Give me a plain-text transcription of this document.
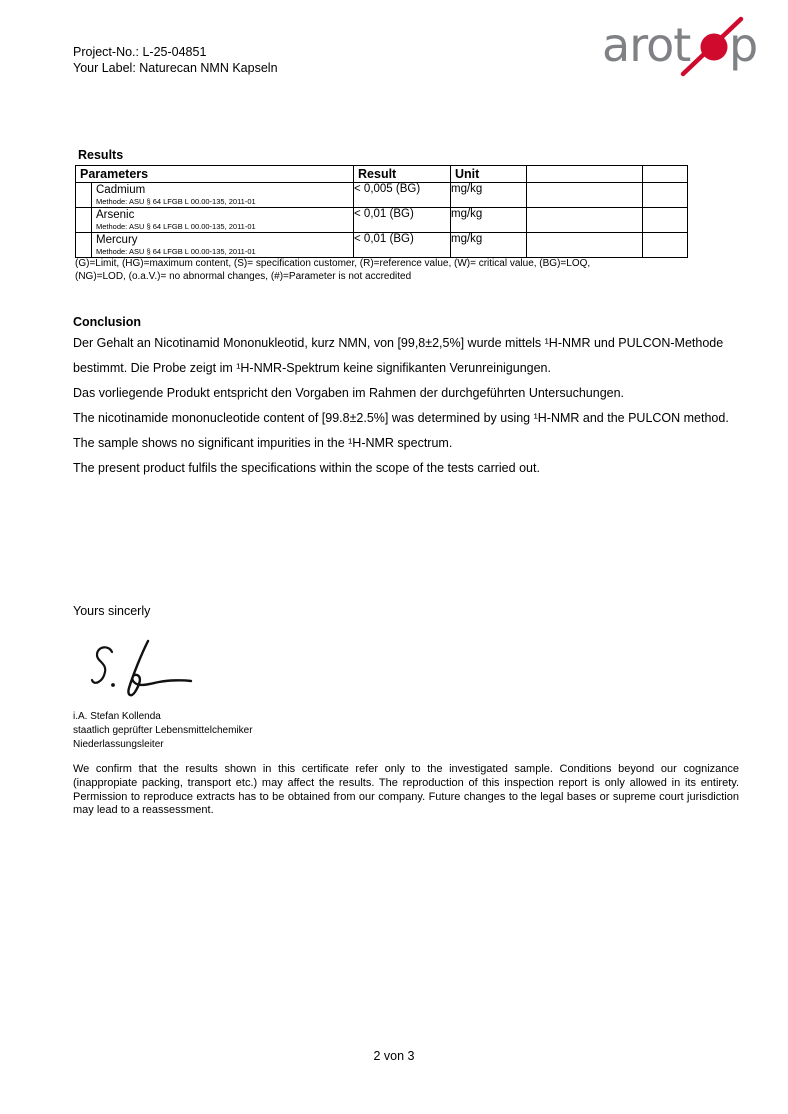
Project-No.: L-25-04851
Your Label: Naturecan NMN Kapseln	arot p
Results
Parameters		Result	Unit		

	Cadmium
Methode: ASU § 64 LFGB L 00.00-135, 2011-01	< 0,005 (BG)	mg/kg		

	Arsenic
Methode: ASU § 64 LFGB L 00.00-135, 2011-01	< 0,01 (BG)	mg/kg		

	Mercury
Methode: ASU § 64 LFGB L 00.00-135, 2011-01	< 0,01 (BG)	mg/kg		
(G)=Limit, (HG)=maximum content, (S)= specification customer, (R)=reference value, (W)= critical value, (BG)=LOQ,
(NG)=LOD, (o.a.V.)= no abnormal changes, (#)=Parameter is not accredited
Conclusion

Der Gehalt an Nicotinamid Mononukleotid, kurz NMN, von [99,8±2,5%] wurde mittels ¹H-NMR und PULCON-Methode bestimmt. Die Probe zeigt im ¹H-NMR-Spektrum keine signifikanten Verunreinigungen.

Das vorliegende Produkt entspricht den Vorgaben im Rahmen der durchgeführten Untersuchungen.

The nicotinamide mononucleotide content of [99.8±2.5%] was determined by using ¹H-NMR and the PULCON method. The sample shows no significant impurities in the ¹H-NMR spectrum.

The present product fulfils the specifications within the scope of the tests carried out.

Yours sincerly
i.A. Stefan Kollenda
staatlich geprüfter Lebensmittelchemiker
Niederlassungsleiter
We confirm that the results shown in this certificate refer only to the investigated sample. Conditions beyond our cognizance (inappropiate packing, transport etc.) may affect the results. The reproduction of this inspection report is only allowed in its entirety. Permission to reproduce extracts has to be obtained from our company. Future changes to the legal bases or supreme court jurisdiction may lead to a reassessment.
2 von 3
